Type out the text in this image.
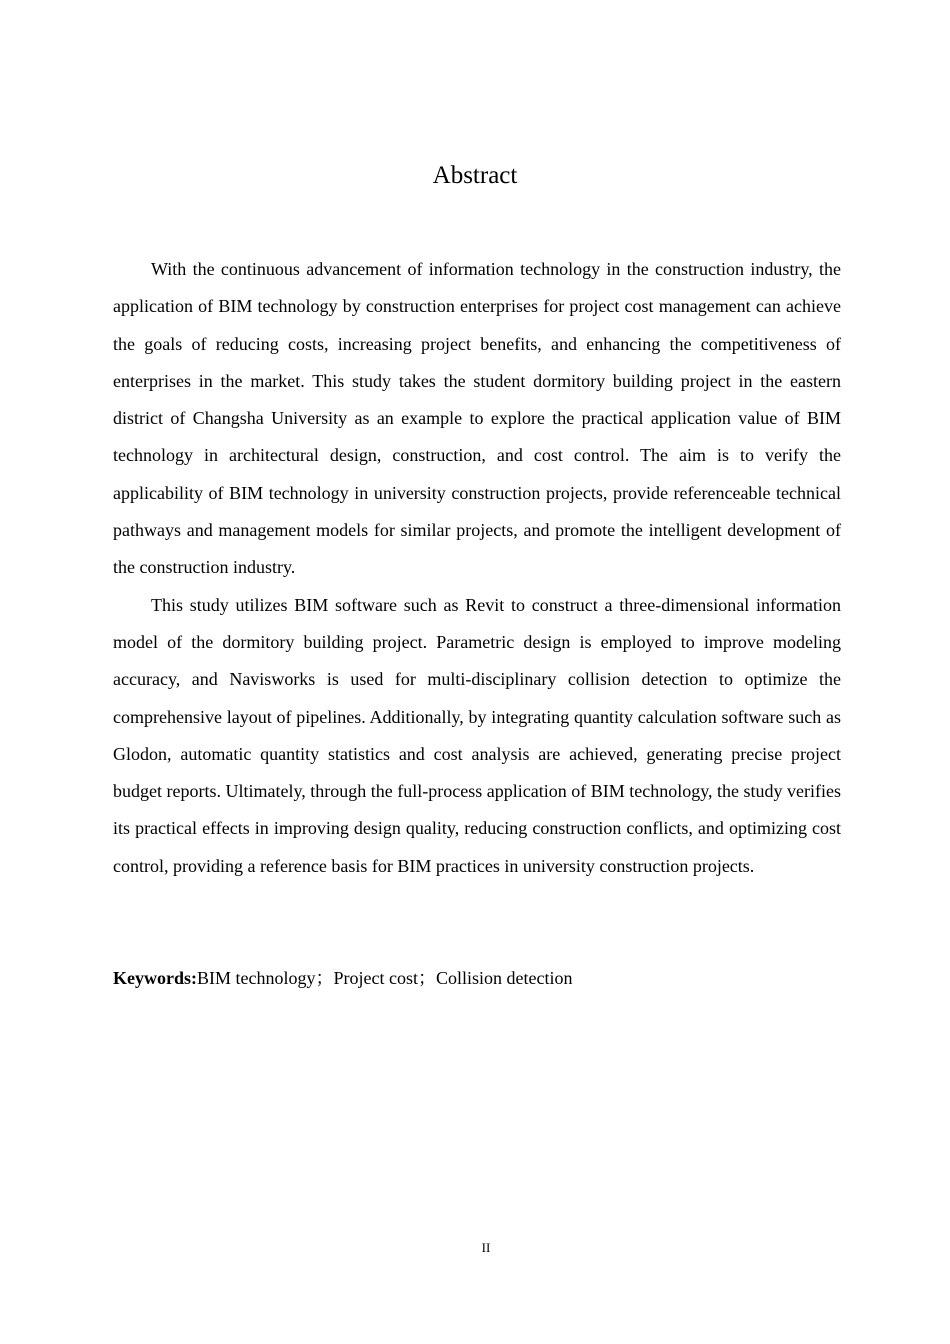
Abstract

With the continuous advancement of information technology in the construction industry, the application of BIM technology by construction enterprises for project cost management can achieve the goals of reducing costs, increasing project benefits, and enhancing the competitiveness of enterprises in the market. This study takes the student dormitory building project in the eastern district of Changsha University as an example to explore the practical application value of BIM technology in architectural design, construction, and cost control. The aim is to verify the applicability of BIM technology in university construction projects, provide referenceable technical pathways and management models for similar projects, and promote the intelligent development of the construction industry.

This study utilizes BIM software such as Revit to construct a three-dimensional information model of the dormitory building project. Parametric design is employed to improve modeling accuracy, and Navisworks is used for multi-disciplinary collision detection to optimize the comprehensive layout of pipelines. Additionally, by integrating quantity calculation software such as Glodon, automatic quantity statistics and cost analysis are achieved, generating precise project budget reports. Ultimately, through the full-process application of BIM technology, the study verifies its practical effects in improving design quality, reducing construction conflicts, and optimizing cost control, providing a reference basis for BIM practices in university construction projects.

Keywords:BIM technology；Project cost；Collision detection

II
